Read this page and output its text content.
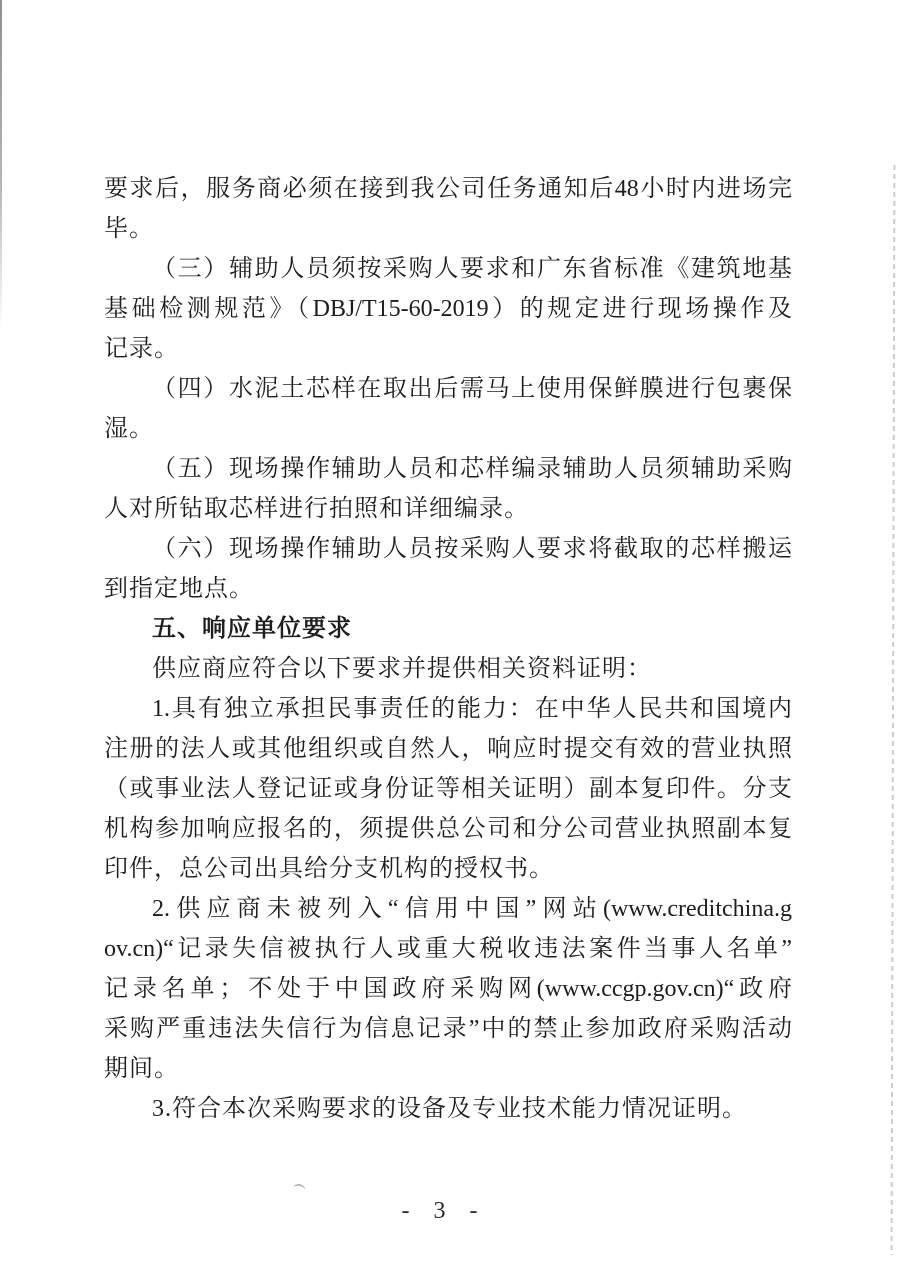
要求后，服务商必须在接到我公司任务通知后48小时内进场完
毕。
（三）辅助人员须按采购人要求和广东省标准《建筑地基
基础检测规范》（DBJ/T15-60-2019）的规定进行现场操作及
记录。
（四）水泥土芯样在取出后需马上使用保鲜膜进行包裹保
湿。
（五）现场操作辅助人员和芯样编录辅助人员须辅助采购
人对所钻取芯样进行拍照和详细编录。
（六）现场操作辅助人员按采购人要求将截取的芯样搬运
到指定地点。
五、响应单位要求
供应商应符合以下要求并提供相关资料证明：
1.具有独立承担民事责任的能力：在中华人民共和国境内
注册的法人或其他组织或自然人，响应时提交有效的营业执照
（或事业法人登记证或身份证等相关证明）副本复印件。分支
机构参加响应报名的，须提供总公司和分公司营业执照副本复
印件，总公司出具给分支机构的授权书。
2.供应商未被列入“信用中国”网站(www.creditchina.g
ov.cn)“记录失信被执行人或重大税收违法案件当事人名单”
记录名单；不处于中国政府采购网(www.ccgp.gov.cn)“政府
采购严重违法失信行为信息记录”中的禁止参加政府采购活动
期间。
3.符合本次采购要求的设备及专业技术能力情况证明。
- 3 -
